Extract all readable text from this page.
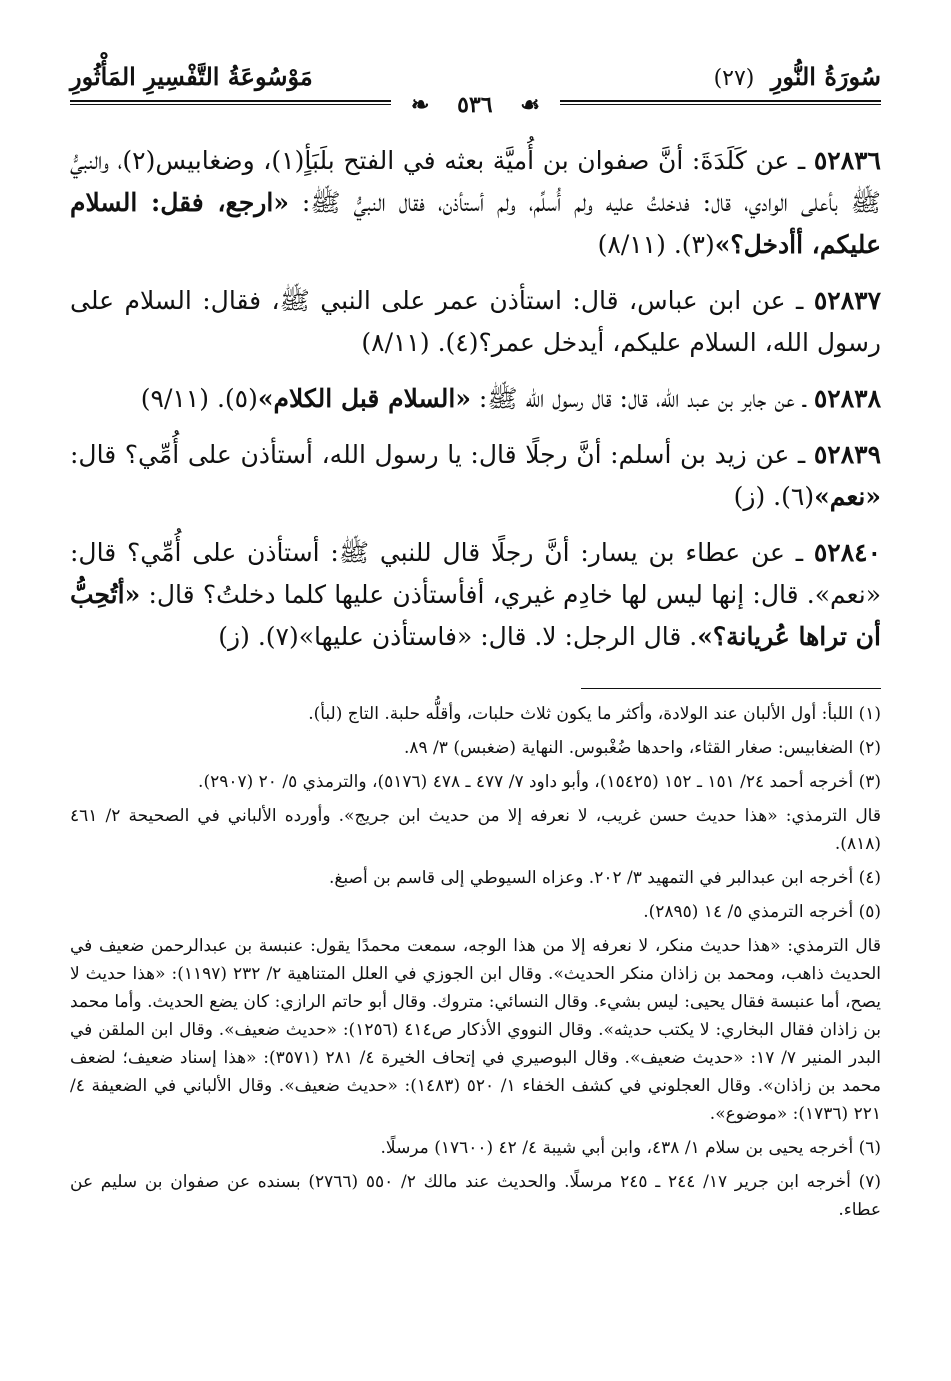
سُورَةُ النُّورِ (٢٧)
مَوْسُوعَةُ التَّفْسِيرِ المَأْثُورِ
❧ ٥٣٦ ☙
٥٢٨٣٦ ـ عن كَلَدَةَ: أنَّ صفوان بن أُميَّة بعثه في الفتح بلَبَأٍ(١)، وضغابيس(٢)، والنبيُّ ﷺ بأعلى الوادي، قال: فدخلتُ عليه ولم أُسلِّم، ولم أستأذن، فقال النبيُّ ﷺ: «ارجع، فقل: السلام عليكم، أأدخل؟»(٣). (٨/١١)
٥٢٨٣٧ ـ عن ابن عباس، قال: استأذن عمر على النبي ﷺ، فقال: السلام على رسول الله، السلام عليكم، أيدخل عمر؟(٤). (٨/١١)
٥٢٨٣٨ ـ عن جابر بن عبد الله، قال: قال رسول الله ﷺ: «السلام قبل الكلام»(٥). (٩/١١)
٥٢٨٣٩ ـ عن زيد بن أسلم: أنَّ رجلًا قال: يا رسول الله، أستأذن على أُمِّي؟ قال: «نعم»(٦). (ز)
٥٢٨٤٠ ـ عن عطاء بن يسار: أنَّ رجلًا قال للنبي ﷺ: أستأذن على أُمِّي؟ قال: «نعم». قال: إنها ليس لها خادِم غيري، أفأستأذن عليها كلما دخلتُ؟ قال: «أتُحِبُّ أن تراها عُريانة؟». قال الرجل: لا. قال: «فاستأذن عليها»(٧). (ز)
(١) اللبأ: أول الألبان عند الولادة، وأكثر ما يكون ثلاث حلبات، وأقلُّه حلبة. التاج (لبأ).
(٢) الضغابيس: صغار القثاء، واحدها ضُغْبوس. النهاية (ضغبس) ٣/ ٨٩.
(٣) أخرجه أحمد ٢٤/ ١٥١ ـ ١٥٢ (١٥٤٢٥)، وأبو داود ٧/ ٤٧٧ ـ ٤٧٨ (٥١٧٦)، والترمذي ٥/ ٢٠ (٢٩٠٧).
قال الترمذي: «هذا حديث حسن غريب، لا نعرفه إلا من حديث ابن جريج». وأورده الألباني في الصحيحة ٢/ ٤٦١ (٨١٨).
(٤) أخرجه ابن عبدالبر في التمهيد ٣/ ٢٠٢. وعزاه السيوطي إلى قاسم بن أصبغ.
(٥) أخرجه الترمذي ٥/ ١٤ (٢٨٩٥).
قال الترمذي: «هذا حديث منكر، لا نعرفه إلا من هذا الوجه، سمعت محمدًا يقول: عنبسة بن عبدالرحمن ضعيف في الحديث ذاهب، ومحمد بن زاذان منكر الحديث». وقال ابن الجوزي في العلل المتناهية ٢/ ٢٣٢ (١١٩٧): «هذا حديث لا يصح، أما عنبسة فقال يحيى: ليس بشيء. وقال النسائي: متروك. وقال أبو حاتم الرازي: كان يضع الحديث. وأما محمد بن زاذان فقال البخاري: لا يكتب حديثه». وقال النووي الأذكار ص٤١٤ (١٢٥٦): «حديث ضعيف». وقال ابن الملقن في البدر المنير ٧/ ١٧: «حديث ضعيف». وقال البوصيري في إتحاف الخيرة ٤/ ٢٨١ (٣٥٧١): «هذا إسناد ضعيف؛ لضعف محمد بن زاذان». وقال العجلوني في كشف الخفاء ١/ ٥٢٠ (١٤٨٣): «حديث ضعيف». وقال الألباني في الضعيفة ٤/ ٢٢١ (١٧٣٦): «موضوع».
(٦) أخرجه يحيى بن سلام ١/ ٤٣٨، وابن أبي شيبة ٤/ ٤٢ (١٧٦٠٠) مرسلًا.
(٧) أخرجه ابن جرير ١٧/ ٢٤٤ ـ ٢٤٥ مرسلًا. والحديث عند مالك ٢/ ٥٥٠ (٢٧٦٦) بسنده عن صفوان بن سليم عن عطاء.
